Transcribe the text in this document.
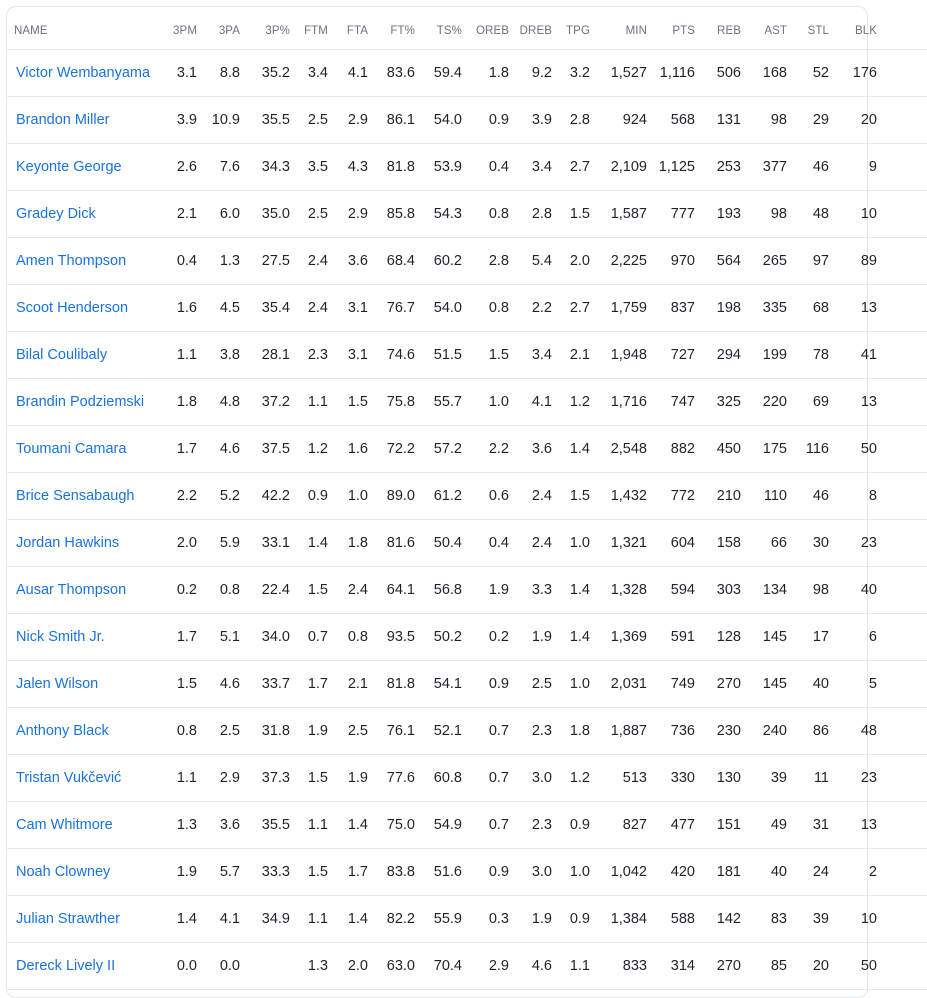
NAME	3PM 3PA 3P% FTM FTA FT% TS% OREB DREB TPG	MIN PTS REB AST STL BLK
Victor Wembanyama 3.1 8.8 35.2 3.4 4.1 83.6 59.4 1.8 9.2 3.2 1,527 1,116 506 168 52 176
Brandon Miller	3.9 10.9 35.5 2.5 2.9 86.1 54.0 0.9 3.9 2.8 924 568 131 98 29 20
Keyonte George	2.6 7.6 34.3 3.5 4.3 81.8 53.9 0.4 3.4 2.7 2,109 1,125 253 377 46	9
Gradey Dick	2.1 6.0 35.0 2.5 2.9 85.8 54.3 0.8 2.8 1.5 1,587 777 193 98 48 10
Amen Thompson	0.4 1.3 27.5 2.4 3.6 68.4 60.2 2.8 5.4 2.0 2,225 970 564 265 97 89
Scoot Henderson	1.6 4.5 35.4 2.4 3.1 76.7 54.0 0.8 2.2 2.7 1,759 837 198 335 68 13
Bilal Coulibaly	1.1 3.8 28.1 2.3 3.1 74.6 51.5 1.5 3.4 2.1 1,948 727 294 199 78 41
Brandin Podziemski 1.8 4.8 37.2 1.1 1.5 75.8 55.7 1.0 4.1 1.2 1,716 747 325 220 69 13
Toumani Camara	1.7 4.6 37.5 1.2 1.6 72.2 57.2 2.2 3.6 1.4 2,548 882 450 175 116 50
Brice Sensabaugh	2.2 5.2 42.2 0.9 1.0 89.0 61.2 0.6 2.4 1.5 1,432 772 210 110 46	8
Jordan Hawkins	2.0 5.9 33.1 1.4 1.8 81.6 50.4 0.4 2.4 1.0 1,321 604 158 66 30 23
Ausar Thompson	0.2 0.8 22.4 1.5 2.4 64.1 56.8 1.9 3.3 1.4 1,328 594 303 134 98 40
Nick Smith Jr.	1.7 5.1 34.0 0.7 0.8 93.5 50.2 0.2 1.9 1.4 1,369 591 128 145 17	6
Jalen Wilson	1.5 4.6 33.7 1.7 2.1 81.8 54.1 0.9 2.5 1.0 2,031 749 270 145 40	5
Anthony Black	0.8 2.5 31.8 1.9 2.5 76.1 52.1 0.7 2.3 1.8 1,887 736 230 240 86 48
Tristan Vukčević	1.1 2.9 37.3 1.5 1.9 77.6 60.8 0.7 3.0 1.2 513 330 130 39 11 23
Cam Whitmore	1.3 3.6 35.5 1.1 1.4 75.0 54.9 0.7 2.3 0.9 827 477 151 49 31 13
Noah Clowney	1.9 5.7 33.3 1.5 1.7 83.8 51.6 0.9 3.0 1.0 1,042 420 181 40 24	2
Julian Strawther	1.4 4.1 34.9 1.1 1.4 82.2 55.9 0.3 1.9 0.9 1,384 588 142 83 39 10
Dereck Lively II	0.0 0.0	1.3 2.0 63.0 70.4 2.9 4.6 1.1 833 314 270 85 20 50
